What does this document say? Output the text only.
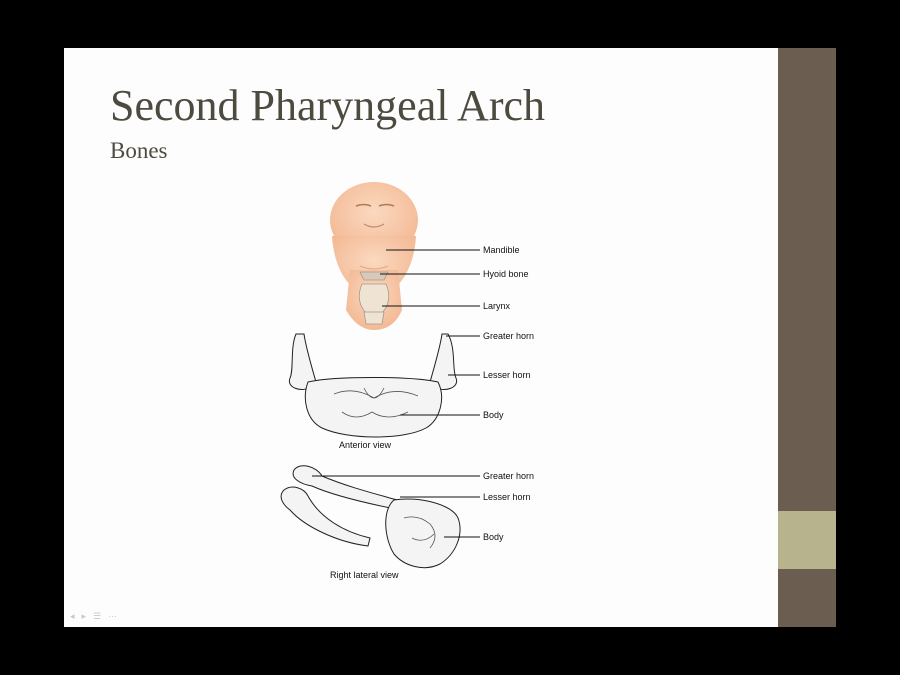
Second Pharyngeal Arch
Bones
Mandible
Hyoid bone
Larynx
Greater horn
Lesser horn
Body
Anterior view
Greater horn
Lesser horn
Body
Right lateral view
◂ ▸ ☰ ⋯
